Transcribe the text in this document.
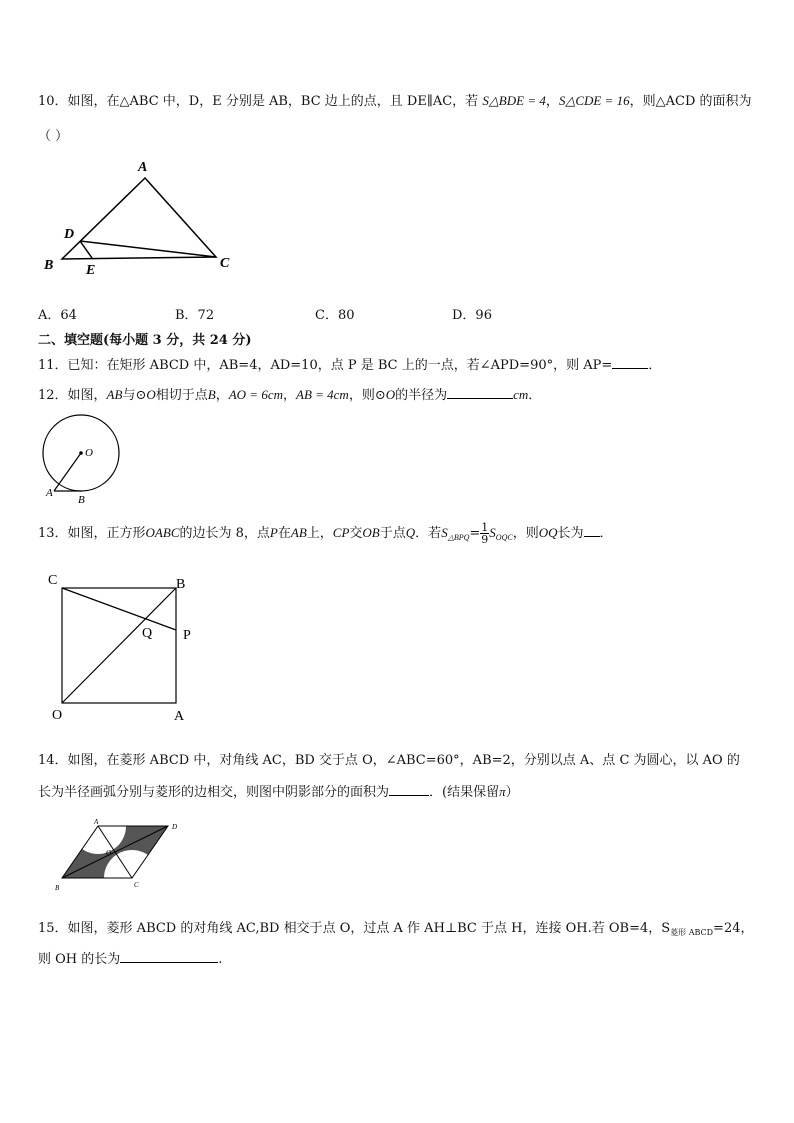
10．如图，在△ABC 中，D，E 分别是 AB，BC 边上的点，且 DE∥AC，若 S△BDE = 4，S△CDE = 16，则△ACD 的面积为
（ ）
A
D
B E	C
A．64	B．72	C．80	D．96
二、填空题(每小题 3 分，共 24 分)
11．已知：在矩形 ABCD 中，AB=4，AD=10，点 P 是 BC 上的一点，若∠APD=90°，则 AP=	．
12．如图，AB与⊙O相切于点B，AO = 6cm，AB = 4cm，则⊙O的半径为	cm．
O
A
B
13．如图，正方形OABC的边长为 8，点P在AB上，CP交OB于点Q．若$S_{\triangle BPQ}= \frac{1}{9} S_{OQC}$，则OQ长为 ．
C	B
Q P
O	A
14．如图，在菱形 ABCD 中，对角线 AC，BD 交于点 O，∠ABC=60°，AB=2，分别以点 A、点 C 为圆心，以 AO 的
长为半径画弧分别与菱形的边相交，则图中阴影部分的面积为	．(结果保留π）
A
D
O
B	C
15．如图，菱形 ABCD 的对角线 AC,BD 相交于点 O，过点 A 作 AH⊥BC 于点 H，连接 OH.若 OB=4，$S_{菱形 ABCD}=24$，
则 OH 的长为	.
